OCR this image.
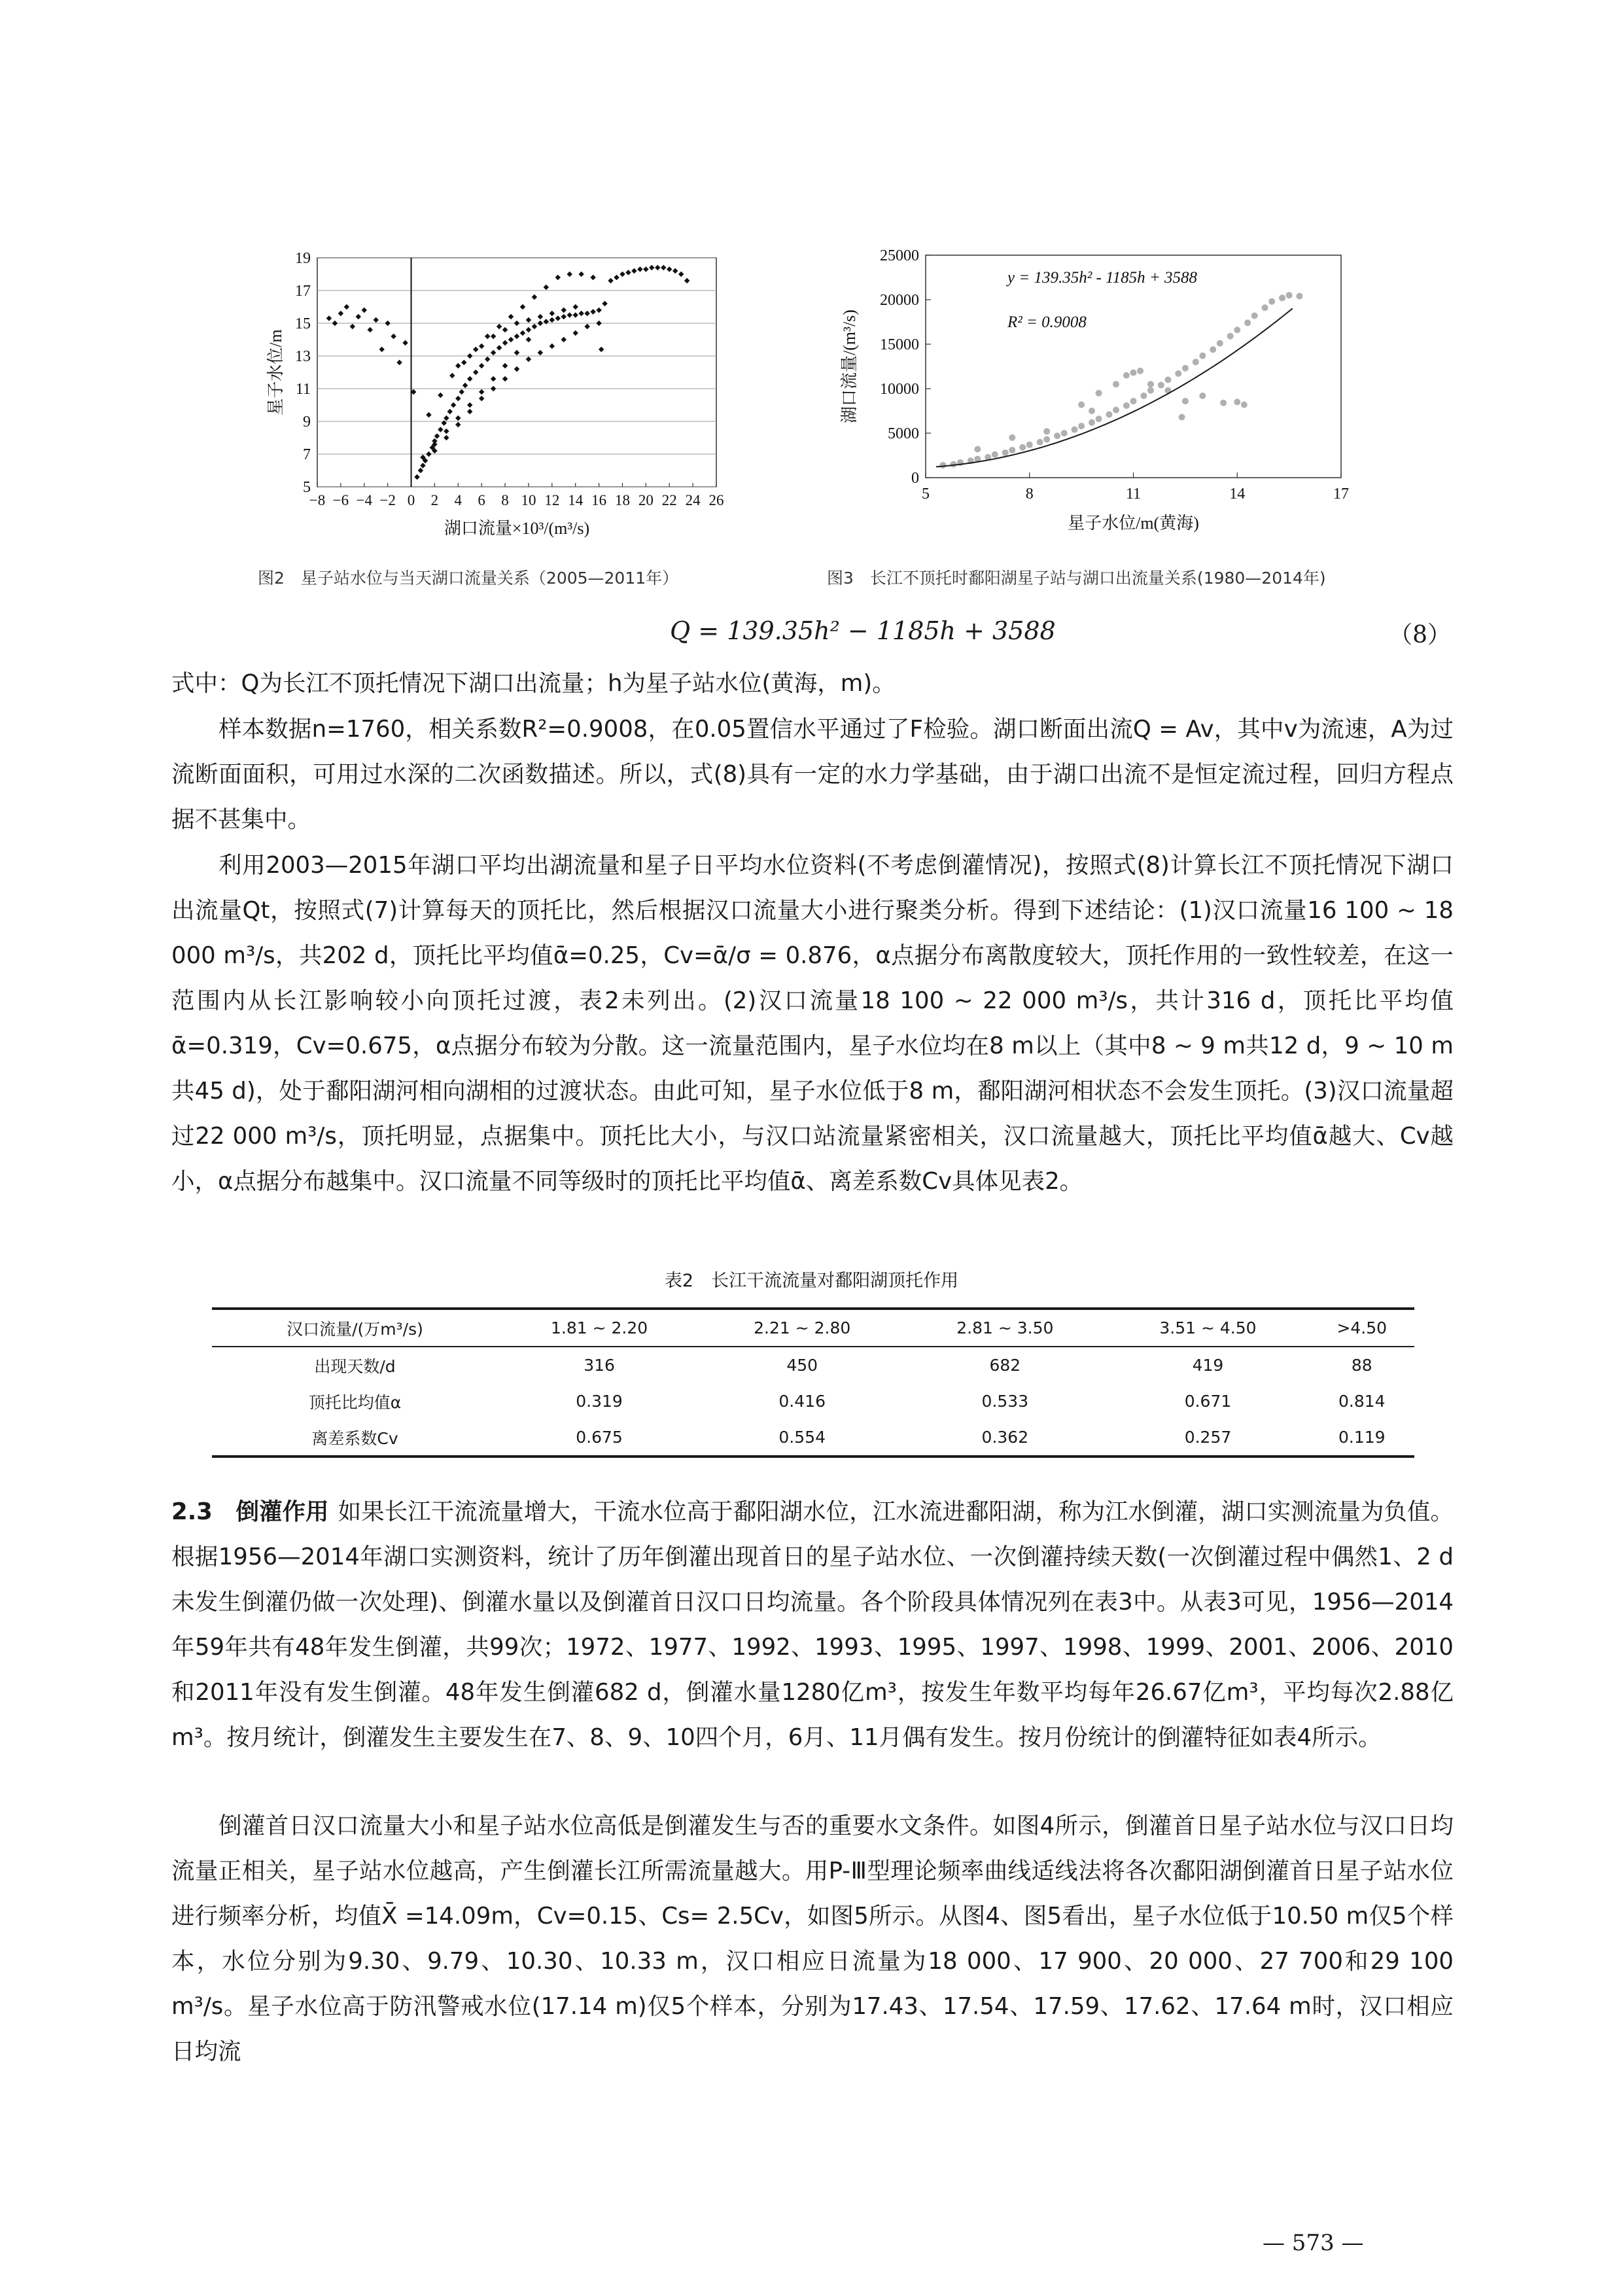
5
7
9
11
13
15
17
19
−8 −6 −4 −2 0 2 4 6 8 10 12 14 16 18 20 22 24 26
湖口流量×10³/(m³/s)
星子水位/m
图2　星子站水位与当天湖口流量关系（2005—2011年）
0
5000
10000
15000
20000
25000
5	8	11	14	17
y = 139.35h² - 1185h + 3588
R² = 0.9008
星子水位/m(黄海)
湖口流量/(m³/s)
图3　长江不顶托时鄱阳湖星子站与湖口出流量关系(1980—2014年)
Q = 139.35h² − 1185h + 3588	（8）

式中：Q为长江不顶托情况下湖口出流量；h为星子站水位(黄海，m)。

样本数据n=1760，相关系数R²=0.9008，在0.05置信水平通过了F检验。湖口断面出流Q = Av，其中v为流速，A为过流断面面积，可用过水深的二次函数描述。所以，式(8)具有一定的水力学基础，由于湖口出流不是恒定流过程，回归方程点据不甚集中。

利用2003—2015年湖口平均出湖流量和星子日平均水位资料(不考虑倒灌情况)，按照式(8)计算长江不顶托情况下湖口出流量Qt，按照式(7)计算每天的顶托比，然后根据汉口流量大小进行聚类分析。得到下述结论：(1)汉口流量16 100 ~ 18 000 m³/s，共202 d，顶托比平均值ᾱ=0.25，Cv=ᾱ/σ = 0.876，α点据分布离散度较大，顶托作用的一致性较差，在这一范围内从长江影响较小向顶托过渡，表2未列出。(2)汉口流量18 100 ~ 22 000 m³/s，共计316 d，顶托比平均值ᾱ=0.319，Cv=0.675，α点据分布较为分散。这一流量范围内，星子水位均在8 m以上（其中8 ~ 9 m共12 d，9 ~ 10 m共45 d)，处于鄱阳湖河相向湖相的过渡状态。由此可知，星子水位低于8 m，鄱阳湖河相状态不会发生顶托。(3)汉口流量超过22 000 m³/s，顶托明显，点据集中。顶托比大小，与汉口站流量紧密相关，汉口流量越大，顶托比平均值ᾱ越大、Cv越小，α点据分布越集中。汉口流量不同等级时的顶托比平均值ᾱ、离差系数Cv具体见表2。

表2　长江干流流量对鄱阳湖顶托作用
汉口流量/(万m³/s)	1.81 ~ 2.20	2.21 ~ 2.80	2.81 ~ 3.50	3.51 ~ 4.50	>4.50
出现天数/d	316	450	682	419	88
顶托比均值α	0.319	0.416	0.533	0.671	0.814
离差系数Cv	0.675	0.554	0.362	0.257	0.119

2.3　 倒灌作用 如果长江干流流量增大，干流水位高于鄱阳湖水位，江水流进鄱阳湖，称为江水倒灌，湖口实测流量为负值。根据1956—2014年湖口实测资料，统计了历年倒灌出现首日的星子站水位、一次倒灌持续天数(一次倒灌过程中偶然1、2 d未发生倒灌仍做一次处理)、倒灌水量以及倒灌首日汉口日均流量。各个阶段具体情况列在表3中。从表3可见，1956—2014年59年共有48年发生倒灌，共99次；1972、1977、1992、1993、1995、1997、1998、1999、2001、2006、2010和2011年没有发生倒灌。48年发生倒灌682 d，倒灌水量1280亿m³，按发生年数平均每年26.67亿m³，平均每次2.88亿m³。按月统计，倒灌发生主要发生在7、8、9、10四个月，6月、11月偶有发生。按月份统计的倒灌特征如表4所示。

倒灌首日汉口流量大小和星子站水位高低是倒灌发生与否的重要水文条件。如图4所示，倒灌首日星子站水位与汉口日均流量正相关，星子站水位越高，产生倒灌长江所需流量越大。用P-Ⅲ型理论频率曲线适线法将各次鄱阳湖倒灌首日星子站水位进行频率分析，均值X̄ =14.09m，Cv=0.15、Cs= 2.5Cv，如图5所示。从图4、图5看出，星子水位低于10.50 m仅5个样本，水位分别为9.30、9.79、10.30、10.33 m，汉口相应日流量为18 000、17 900、20 000、27 700和29 100 m³/s。星子水位高于防汛警戒水位(17.14 m)仅5个样本，分别为17.43、17.54、17.59、17.62、17.64 m时，汉口相应日均流

— 573 —
